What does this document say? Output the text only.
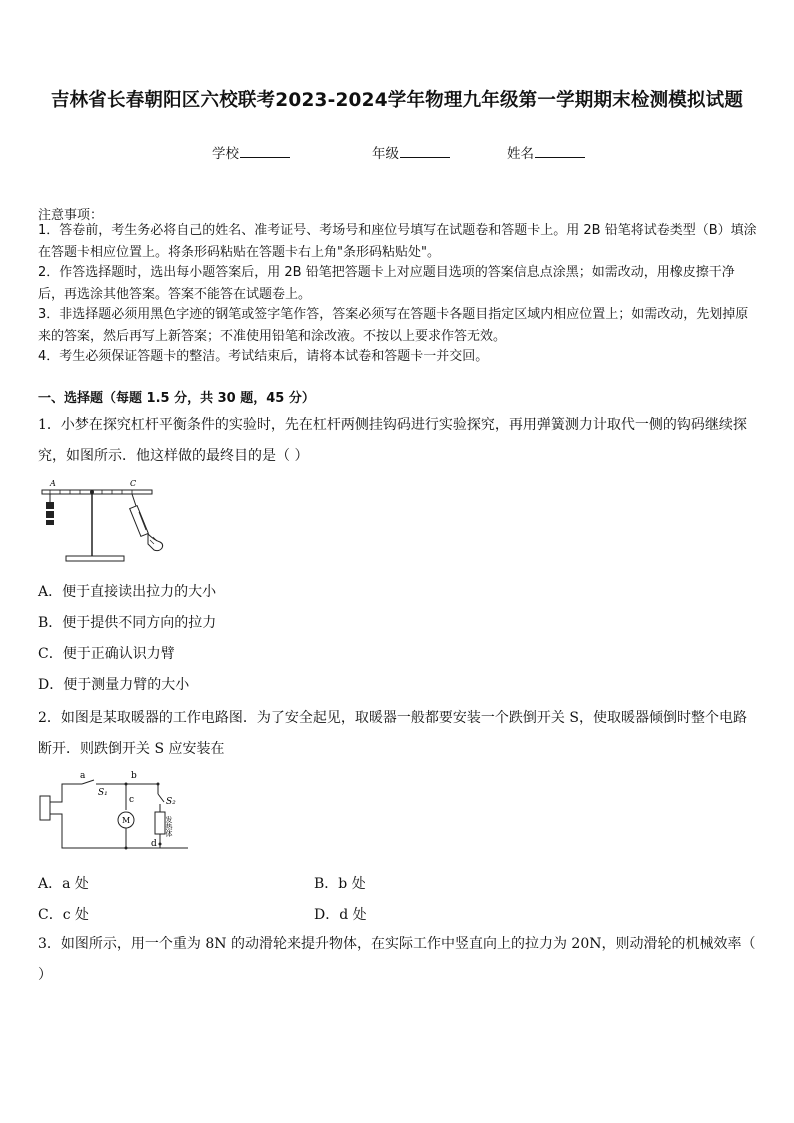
吉林省长春朝阳区六校联考2023-2024学年物理九年级第一学期期末检测模拟试题
学校	年级	姓名
注意事项：
1．答卷前，考生务必将自己的姓名、准考证号、考场号和座位号填写在试题卷和答题卡上。用 2B 铅笔将试卷类型（B）填涂在答题卡相应位置上。将条形码粘贴在答题卡右上角"条形码粘贴处"。
2．作答选择题时，选出每小题答案后，用 2B 铅笔把答题卡上对应题目选项的答案信息点涂黑；如需改动，用橡皮擦干净后，再选涂其他答案。答案不能答在试题卷上。
3．非选择题必须用黑色字迹的钢笔或签字笔作答，答案必须写在答题卡各题目指定区域内相应位置上；如需改动，先划掉原来的答案，然后再写上新答案；不准使用铅笔和涂改液。不按以上要求作答无效。
4．考生必须保证答题卡的整洁。考试结束后，请将本试卷和答题卡一并交回。
一、选择题（每题 1.5 分，共 30 题，45 分）
1．小梦在探究杠杆平衡条件的实验时，先在杠杆两侧挂钩码进行实验探究，再用弹簧测力计取代一侧的钩码继续探究，如图所示．他这样做的最终目的是（ ）
A	C
A．便于直接读出拉力的大小
B．便于提供不同方向的拉力
C．便于正确认识力臂
D．便于测量力臂的大小
2．如图是某取暖器的工作电路图．为了安全起见，取暖器一般都要安装一个跌倒开关 S，使取暖器倾倒时整个电路断开．则跌倒开关 S 应安装在
a	b
c
d
S₁
S₂
M	发热体
A．a 处	B．b 处
C．c 处	D．d 处
3．如图所示，用一个重为 8N 的动滑轮来提升物体，在实际工作中竖直向上的拉力为 20N，则动滑轮的机械效率（ ）
